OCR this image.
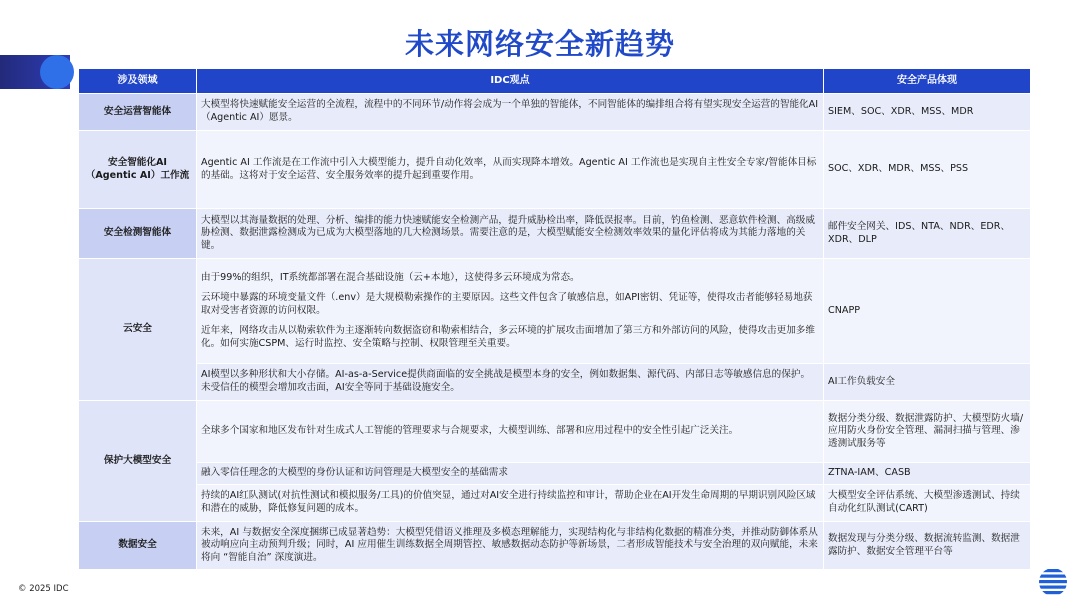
未来网络安全新趋势
涉及领域	IDC观点	安全产品体现
安全运营智能体	大模型将快速赋能安全运营的全流程，流程中的不同环节/动作将会成为一个单独的智能体，不同智能体的编排组合将有望实现安全运营的智能化AI（Agentic AI）愿景。	SIEM、SOC、XDR、MSS、MDR

安全智能化AI
（Agentic AI）工作流	Agentic AI 工作流是在工作流中引入大模型能力，提升自动化效率，从而实现降本增效。Agentic AI 工作流也是实现自主性安全专家/智能体目标的基础。这将对于安全运营、安全服务效率的提升起到重要作用。	SOC、XDR、MDR、MSS、PSS
安全检测智能体	大模型以其海量数据的处理、分析、编排的能力快速赋能安全检测产品，提升威胁检出率，降低误报率。目前，钓鱼检测、恶意软件检测、高级威胁检测、数据泄露检测成为已成为大模型落地的几大检测场景。需要注意的是，大模型赋能安全检测效率效果的量化评估将成为其能力落地的关键。	邮件安全网关、IDS、NTA、NDR、EDR、XDR、DLP
云安全	由于99%的组织，IT系统都部署在混合基础设施（云+本地），这使得多云环境成为常态。

云环境中暴露的环境变量文件（.env）是大规模勒索操作的主要原因。这些文件包含了敏感信息，如API密钥、凭证等，使得攻击者能够轻易地获取对受害者资源的访问权限。

近年来，网络攻击从以勒索软件为主逐渐转向数据盗窃和勒索相结合，多云环境的扩展攻击面增加了第三方和外部访问的风险，使得攻击更加多维化。如何实施CSPM、运行时监控、安全策略与控制、权限管理至关重要。	CNAPP
	AI模型以多种形状和大小存储。AI-as-a-Service提供商面临的安全挑战是模型本身的安全，例如数据集、源代码、内部日志等敏感信息的保护。未受信任的模型会增加攻击面，AI安全等同于基础设施安全。	AI工作负载安全
保护大模型安全	全球多个国家和地区发布针对生成式人工智能的管理要求与合规要求，大模型训练、部署和应用过程中的安全性引起广泛关注。	数据分类分级、数据泄露防护、大模型防火墙/应用防火身份安全管理、漏洞扫描与管理、渗透测试服务等
	融入零信任理念的大模型的身份认证和访问管理是大模型安全的基础需求	ZTNA-IAM、CASB
	持续的AI红队测试(对抗性测试和模拟服务/工具)的价值突显，通过对AI安全进行持续监控和审计，帮助企业在AI开发生命周期的早期识别风险区域和潜在的威胁，降低修复问题的成本。	大模型安全评估系统、大模型渗透测试、持续自动化红队测试(CART)
数据安全	未来，AI 与数据安全深度捆绑已成显著趋势：大模型凭借语义推理及多模态理解能力，实现结构化与非结构化数据的精准分类，并推动防御体系从被动响应向主动预判升级；同时，AI 应用催生训练数据全周期管控、敏感数据动态防护等新场景，二者形成智能技术与安全治理的双向赋能，未来将向 “智能自治” 深度演进。	数据发现与分类分级、数据流转监测、数据泄露防护、数据安全管理平台等
© 2025 IDC
